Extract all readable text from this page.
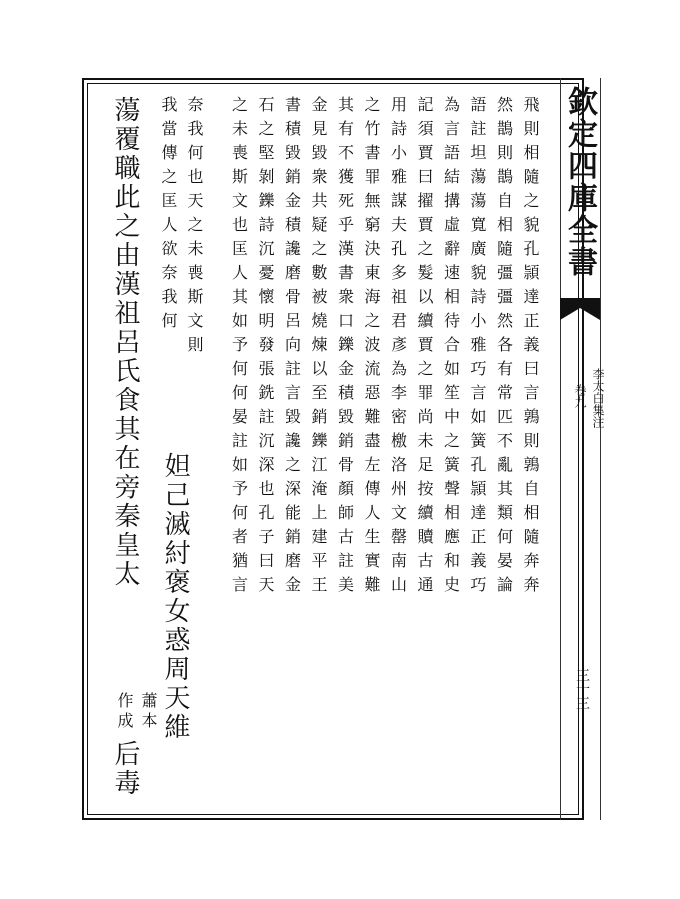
欽定四庫全書
李太白集注
卷九
三十三
飛則相隨之貌孔頴達正義曰言鶉則鶉自相隨奔奔
然鵲則鵲自相隨彊彊然各有常匹不亂其類何晏論
語註坦蕩蕩寬廣貌詩小雅巧言如簧孔頴達正義巧
為言語結搆虛辭速相待合如笙中之簧聲相應和史
記須賈曰擢賈之髮以續賈之罪尚未足按續贖古通
用詩小雅謀夫孔多祖君彥為李密檄洛州文罄南山
之竹書罪無窮決東海之波流惡難盡左傳人生實難
其有不獲死乎漢書衆口鑠金積毀銷骨顏師古註美
金見毀衆共疑之數被燒煉以至銷鑠江淹上建平王
書積毀銷金積讒磨骨呂向註言毀讒之深能銷磨金
石之堅剝鑠詩沉憂懷明發張銑註沉深也孔子曰天
之未喪斯文也匡人其如予何何晏註如予何者猶言
奈我何也天之未喪斯文則
我當傳之匡人欲奈我何
蕩覆職此之由漢祖呂氏食其在旁秦皇太
妲己滅紂褒女惑周天維
蕭本
作成
后毒
